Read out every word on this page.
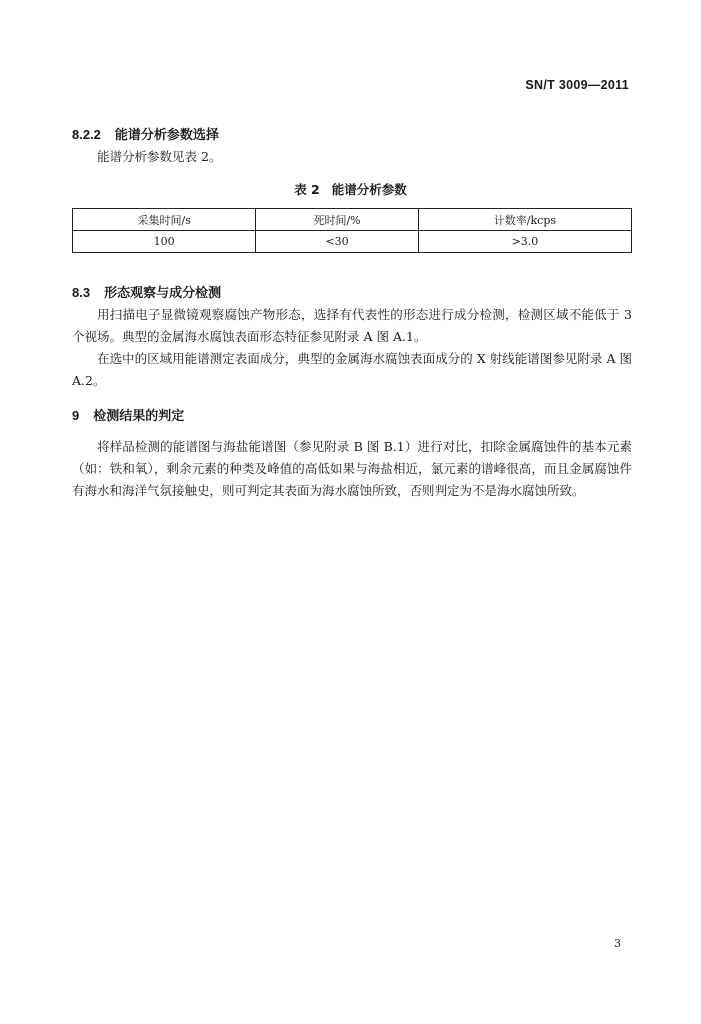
SN/T 3009—2011
8.2.2 能谱分析参数选择

能谱分析参数见表 2。

表 2 能谱分析参数
采集时间/s	死时间/%	计数率/kcps
100	<30	>3.0
8.3 形态观察与成分检测

用扫描电子显微镜观察腐蚀产物形态，选择有代表性的形态进行成分检测，检测区域不能低于 3 个视场。典型的金属海水腐蚀表面形态特征参见附录 A 图 A.1。

在选中的区域用能谱测定表面成分，典型的金属海水腐蚀表面成分的 X 射线能谱图参见附录 A 图 A.2。

9 检测结果的判定

将样品检测的能谱图与海盐能谱图（参见附录 B 图 B.1）进行对比，扣除金属腐蚀件的基本元素（如：铁和氧），剩余元素的种类及峰值的高低如果与海盐相近，氯元素的谱峰很高，而且金属腐蚀件有海水和海洋气氛接触史，则可判定其表面为海水腐蚀所致，否则判定为不是海水腐蚀所致。

3
